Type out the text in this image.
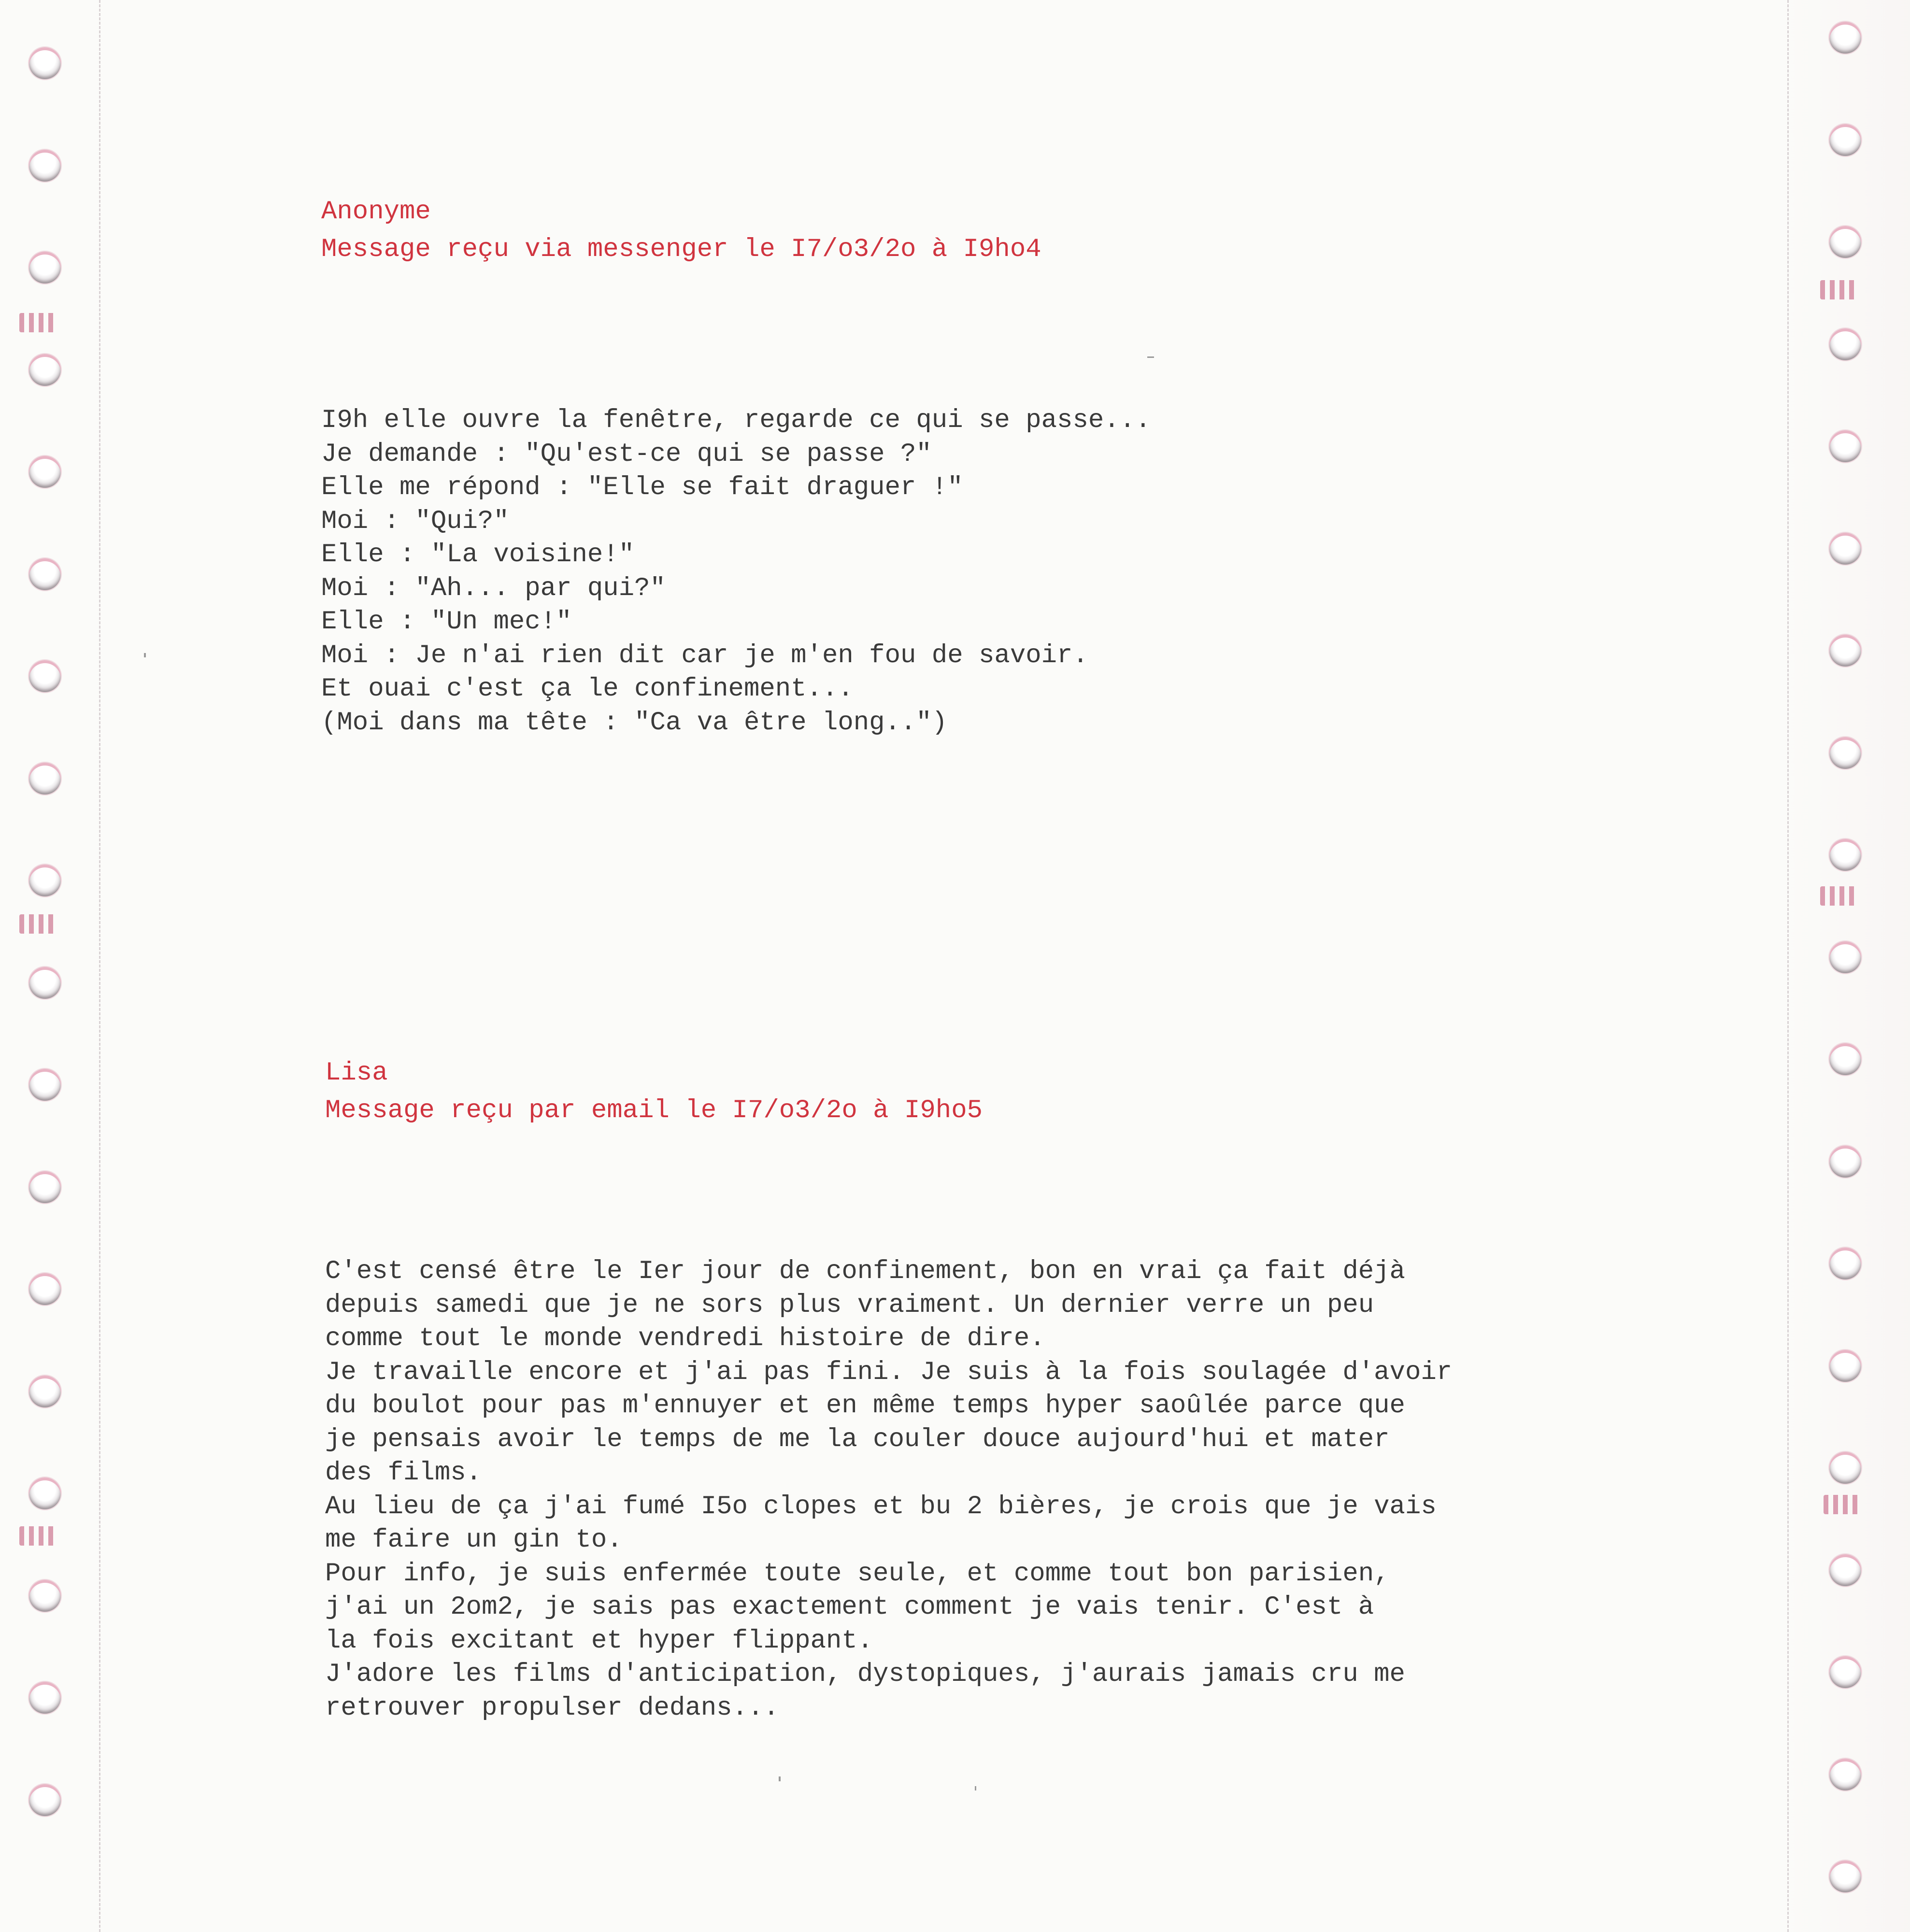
Anonyme
Message reçu via messenger le I7/o3/2o à I9ho4
I9h elle ouvre la fenêtre, regarde ce qui se passe...
Je demande : "Qu'est-ce qui se passe ?"
Elle me répond : "Elle se fait draguer !"
Moi : "Qui?"
Elle : "La voisine!"
Moi : "Ah... par qui?"
Elle : "Un mec!"
Moi : Je n'ai rien dit car je m'en fou de savoir.
Et ouai c'est ça le confinement...
(Moi dans ma tête : "Ca va être long..")
Lisa
Message reçu par email le I7/o3/2o à I9ho5
C'est censé être le Ier jour de confinement, bon en vrai ça fait déjà
depuis samedi que je ne sors plus vraiment. Un dernier verre un peu
comme tout le monde vendredi histoire de dire.
Je travaille encore et j'ai pas fini. Je suis à la fois soulagée d'avoir
du boulot pour pas m'ennuyer et en même temps hyper saoûlée parce que
je pensais avoir le temps de me la couler douce aujourd'hui et mater
des films.
Au lieu de ça j'ai fumé I5o clopes et bu 2 bières, je crois que je vais
me faire un gin to.
Pour info, je suis enfermée toute seule, et comme tout bon parisien,
j'ai un 2om2, je sais pas exactement comment je vais tenir. C'est à
la fois excitant et hyper flippant.
J'adore les films d'anticipation, dystopiques, j'aurais jamais cru me
retrouver propulser dedans...
